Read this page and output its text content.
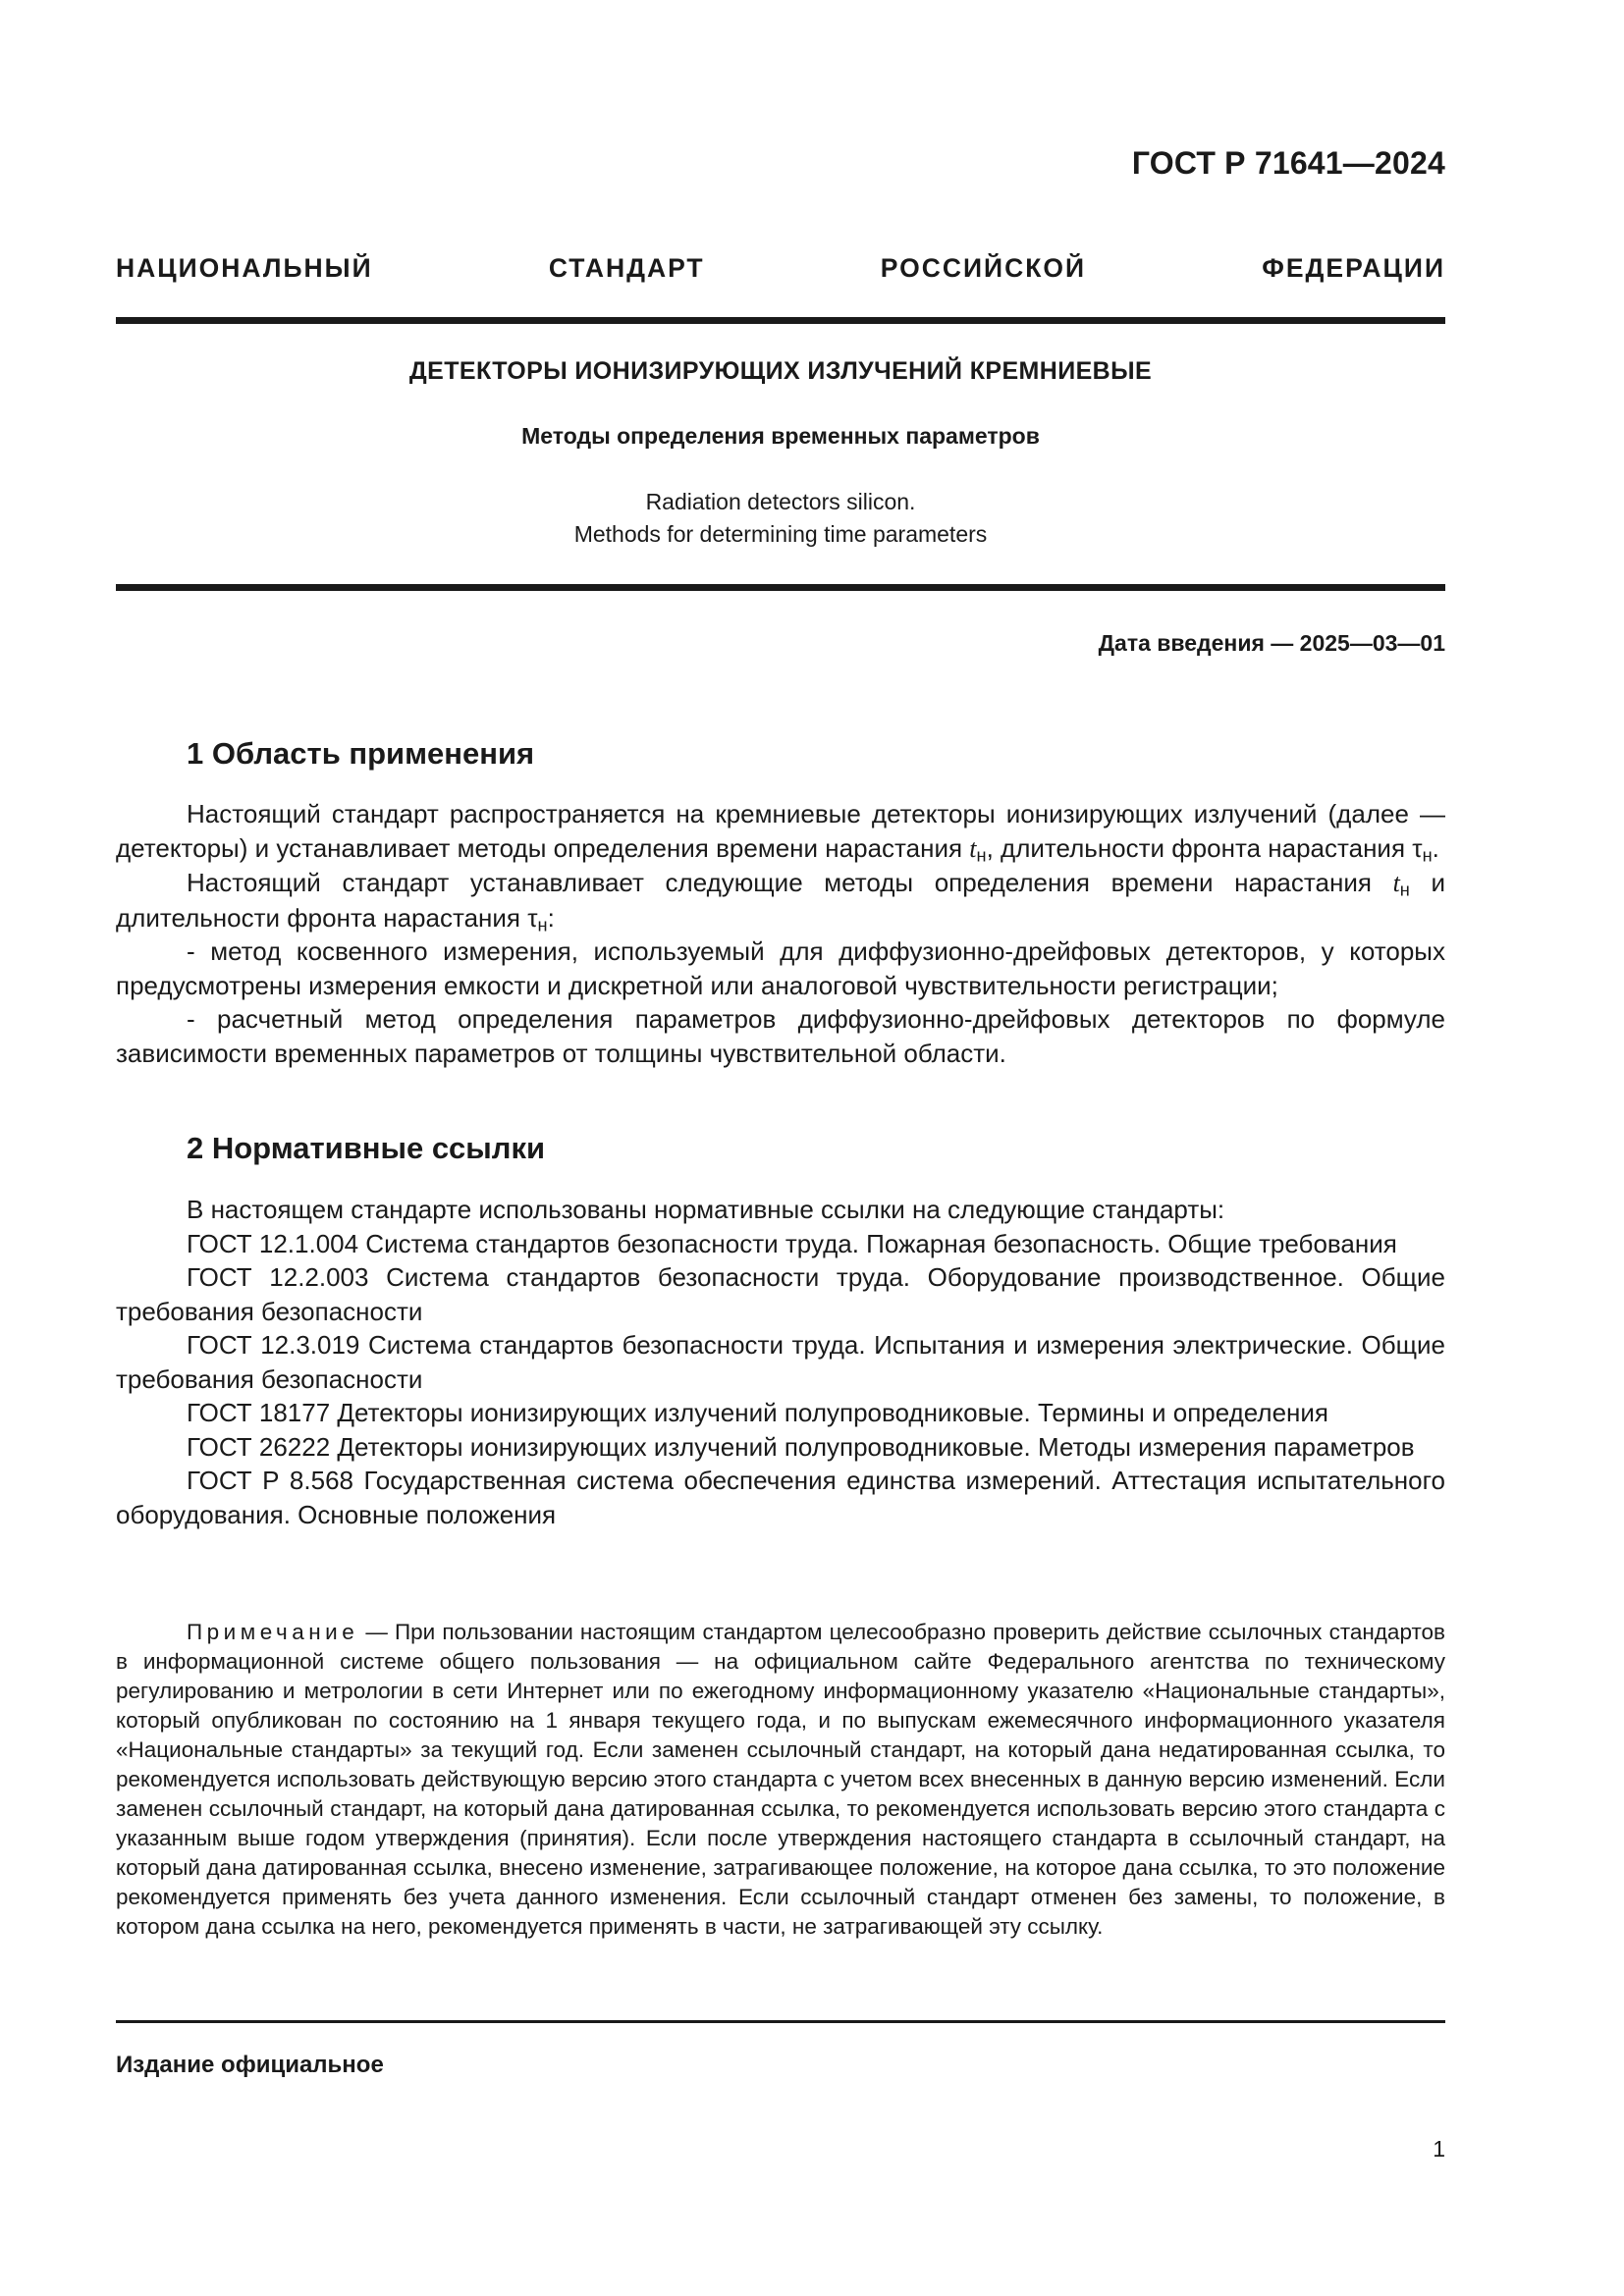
ГОСТ Р 71641—2024
НАЦИОНАЛЬНЫЙ СТАНДАРТ РОССИЙСКОЙ ФЕДЕРАЦИИ
ДЕТЕКТОРЫ ИОНИЗИРУЮЩИХ ИЗЛУЧЕНИЙ КРЕМНИЕВЫЕ
Методы определения временных параметров
Radiation detectors silicon.
Methods for determining time parameters
Дата введения — 2025—03—01
1 Область применения

Настоящий стандарт распространяется на кремниевые детекторы ионизирующих излучений (далее — детекторы) и устанавливает методы определения времени нарастания $t_н$, длительности фронта нарастания $\tau_н$.

Настоящий стандарт устанавливает следующие методы определения времени нарастания $t_н$ и длительности фронта нарастания $\tau_н$:

- метод косвенного измерения, используемый для диффузионно-дрейфовых детекторов, у которых предусмотрены измерения емкости и дискретной или аналоговой чувствительности регистрации;

- расчетный метод определения параметров диффузионно-дрейфовых детекторов по формуле зависимости временных параметров от толщины чувствительной области.

2 Нормативные ссылки

В настоящем стандарте использованы нормативные ссылки на следующие стандарты:

ГОСТ 12.1.004 Система стандартов безопасности труда. Пожарная безопасность. Общие требования

ГОСТ 12.2.003 Система стандартов безопасности труда. Оборудование производственное. Общие требования безопасности

ГОСТ 12.3.019 Система стандартов безопасности труда. Испытания и измерения электрические. Общие требования безопасности

ГОСТ 18177 Детекторы ионизирующих излучений полупроводниковые. Термины и определения

ГОСТ 26222 Детекторы ионизирующих излучений полупроводниковые. Методы измерения параметров

ГОСТ Р 8.568 Государственная система обеспечения единства измерений. Аттестация испытательного оборудования. Основные положения

Примечание — При пользовании настоящим стандартом целесообразно проверить действие ссылочных стандартов в информационной системе общего пользования — на официальном сайте Федерального агентства по техническому регулированию и метрологии в сети Интернет или по ежегодному информационному указателю «Национальные стандарты», который опубликован по состоянию на 1 января текущего года, и по выпускам ежемесячного информационного указателя «Национальные стандарты» за текущий год. Если заменен ссылочный стандарт, на который дана недатированная ссылка, то рекомендуется использовать действующую версию этого стандарта с учетом всех внесенных в данную версию изменений. Если заменен ссылочный стандарт, на который дана датированная ссылка, то рекомендуется использовать версию этого стандарта с указанным выше годом утверждения (принятия). Если после утверждения настоящего стандарта в ссылочный стандарт, на который дана датированная ссылка, внесено изменение, затрагивающее положение, на которое дана ссылка, то это положение рекомендуется применять без учета данного изменения. Если ссылочный стандарт отменен без замены, то положение, в котором дана ссылка на него, рекомендуется применять в части, не затрагивающей эту ссылку.

Издание официальное
1
